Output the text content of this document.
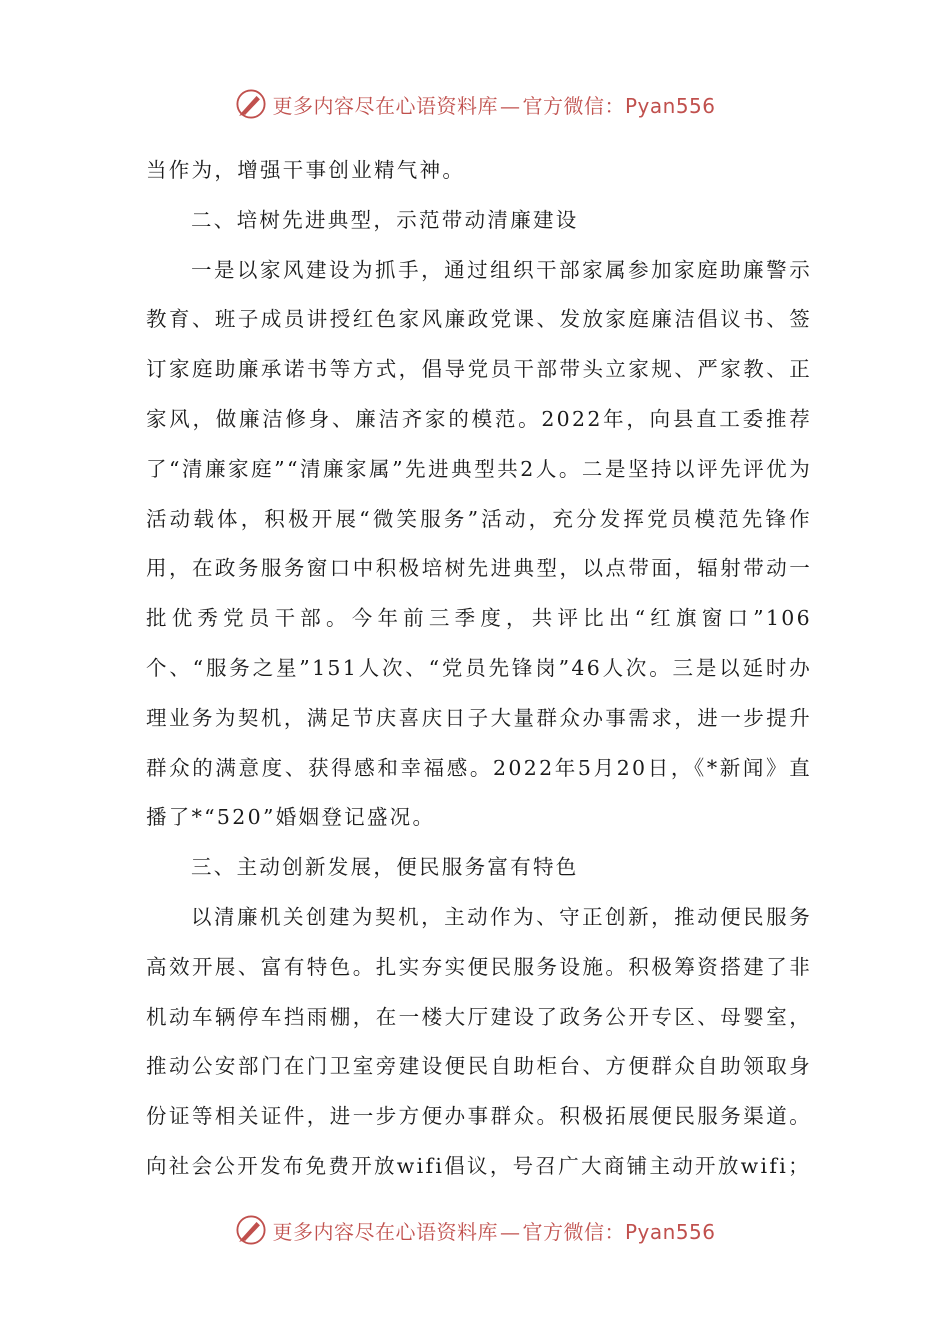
更多内容尽在心语资料库 — 官方微信：Pyan556

当作为，增强干事创业精气神。

二、培树先进典型，示范带动清廉建设

一是以家风建设为抓手，通过组织干部家属参加家庭助廉警示教育、班子成员讲授红色家风廉政党课、发放家庭廉洁倡议书、签订家庭助廉承诺书等方式，倡导党员干部带头立家规、严家教、正家风，做廉洁修身、廉洁齐家的模范。2022年，向县直工委推荐了“清廉家庭”“清廉家属”先进典型共2人。二是坚持以评先评优为活动载体，积极开展“微笑服务”活动，充分发挥党员模范先锋作用，在政务服务窗口中积极培树先进典型，以点带面，辐射带动一批优秀党员干部。今年前三季度，共评比出“红旗窗口”106个、“服务之星”151人次、“党员先锋岗”46人次。三是以延时办理业务为契机，满足节庆喜庆日子大量群众办事需求，进一步提升群众的满意度、获得感和幸福感。2022年5月20日，《*新闻》直播了*“520”婚姻登记盛况。

三、主动创新发展，便民服务富有特色

以清廉机关创建为契机，主动作为、守正创新，推动便民服务高效开展、富有特色。扎实夯实便民服务设施。积极筹资搭建了非机动车辆停车挡雨棚，在一楼大厅建设了政务公开专区、母婴室，推动公安部门在门卫室旁建设便民自助柜台、方便群众自助领取身份证等相关证件，进一步方便办事群众。积极拓展便民服务渠道。向社会公开发布免费开放wifi倡议，号召广大商铺主动开放wifi；

更多内容尽在心语资料库 — 官方微信：Pyan556
